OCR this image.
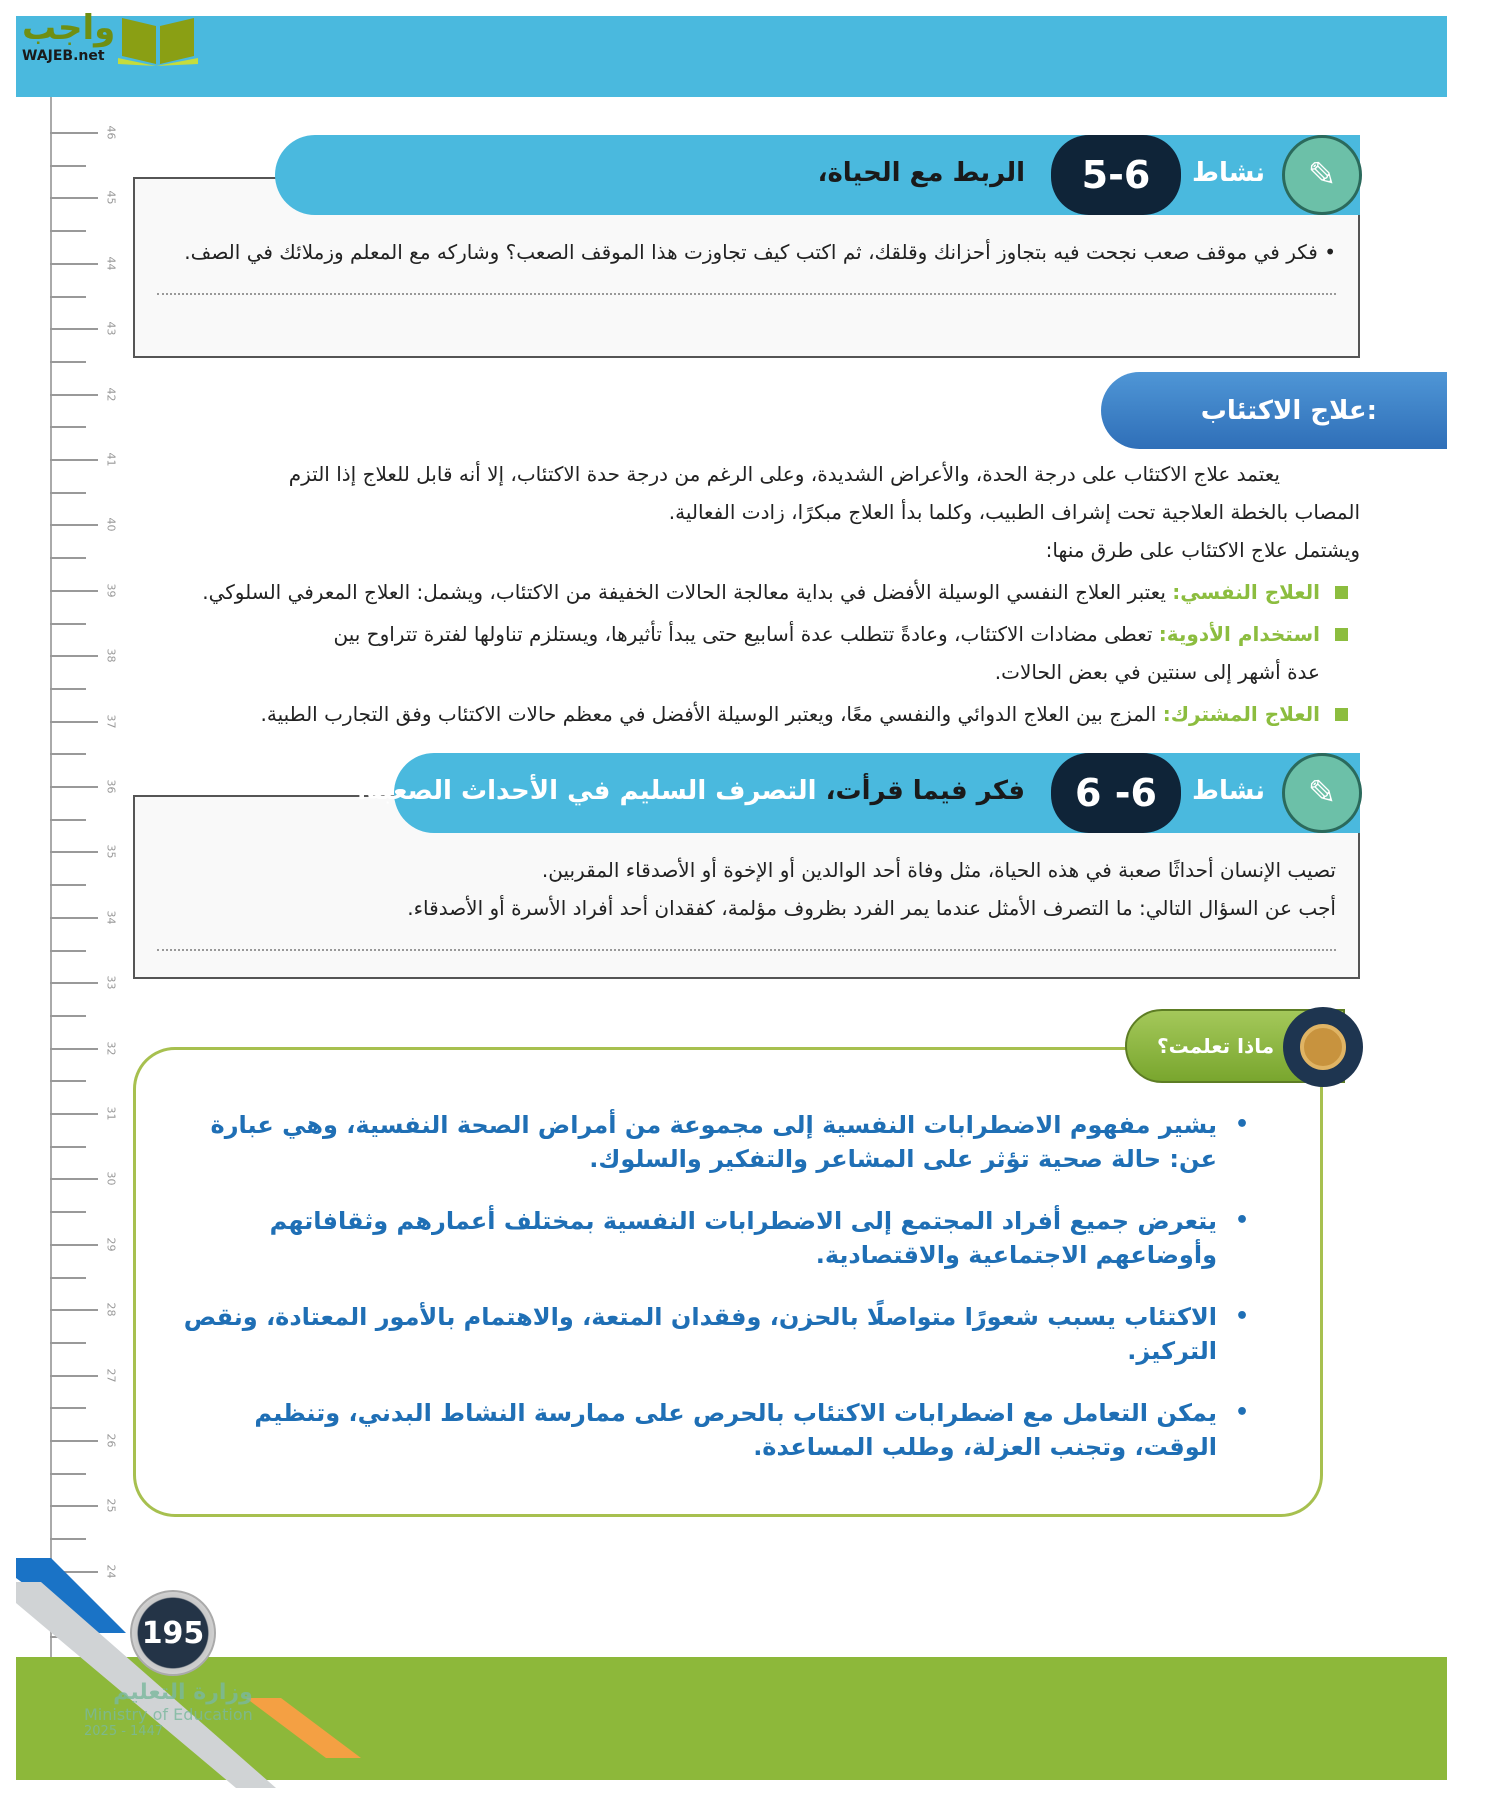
واجب
WAJEB.net
46
45
44
43
42
41
40
39
38
37
36
35
34
33
32
31
30
29
28
27
26
25
24
• فكر في موقف صعب نجحت فيه بتجاوز أحزانك وقلقك، ثم اكتب كيف تجاوزت هذا الموقف الصعب؟ وشاركه مع المعلم وزملائك في الصف.
الربط مع الحياة،	5-6	نشاط	✎
علاج الاكتئاب:
يعتمد علاج الاكتئاب على درجة الحدة، والأعراض الشديدة، وعلى الرغم من درجة حدة الاكتئاب، إلا أنه قابل للعلاج إذا التزم
المصاب بالخطة العلاجية تحت إشراف الطبيب، وكلما بدأ العلاج مبكرًا، زادت الفعالية.
ويشتمل علاج الاكتئاب على طرق منها:
العلاج النفسي: يعتبر العلاج النفسي الوسيلة الأفضل في بداية معالجة الحالات الخفيفة من الاكتئاب، ويشمل: العلاج المعرفي السلوكي.
استخدام الأدوية: تعطى مضادات الاكتئاب، وعادةً تتطلب عدة أسابيع حتى يبدأ تأثيرها، ويستلزم تناولها لفترة تتراوح بين
عدة أشهر إلى سنتين في بعض الحالات.
العلاج المشترك: المزج بين العلاج الدوائي والنفسي معًا، ويعتبر الوسيلة الأفضل في معظم حالات الاكتئاب وفق التجارب الطبية.
تصيب الإنسان أحداثًا صعبة في هذه الحياة، مثل وفاة أحد الوالدين أو الإخوة أو الأصدقاء المقربين.
أجب عن السؤال التالي: ما التصرف الأمثل عندما يمر الفرد بظروف مؤلمة، كفقدان أحد أفراد الأسرة أو الأصدقاء.
فكر فيما قرأت، التصرف السليم في الأحداث الصعبة.	6 -6	نشاط	✎
•
يشير مفهوم الاضطرابات النفسية إلى مجموعة من أمراض الصحة النفسية، وهي عبارة عن: حالة صحية تؤثر على المشاعر والتفكير والسلوك.
•
يتعرض جميع أفراد المجتمع إلى الاضطرابات النفسية بمختلف أعمارهم وثقافاتهم وأوضاعهم الاجتماعية والاقتصادية.
•
الاكتئاب يسبب شعورًا متواصلًا بالحزن، وفقدان المتعة، والاهتمام بالأمور المعتادة، ونقص التركيز.
•
يمكن التعامل مع اضطرابات الاكتئاب بالحرص على ممارسة النشاط البدني، وتنظيم الوقت، وتجنب العزلة، وطلب المساعدة.
ماذا تعلمت؟
195
وزارة التعليم
Ministry of Education
2025 - 1447
